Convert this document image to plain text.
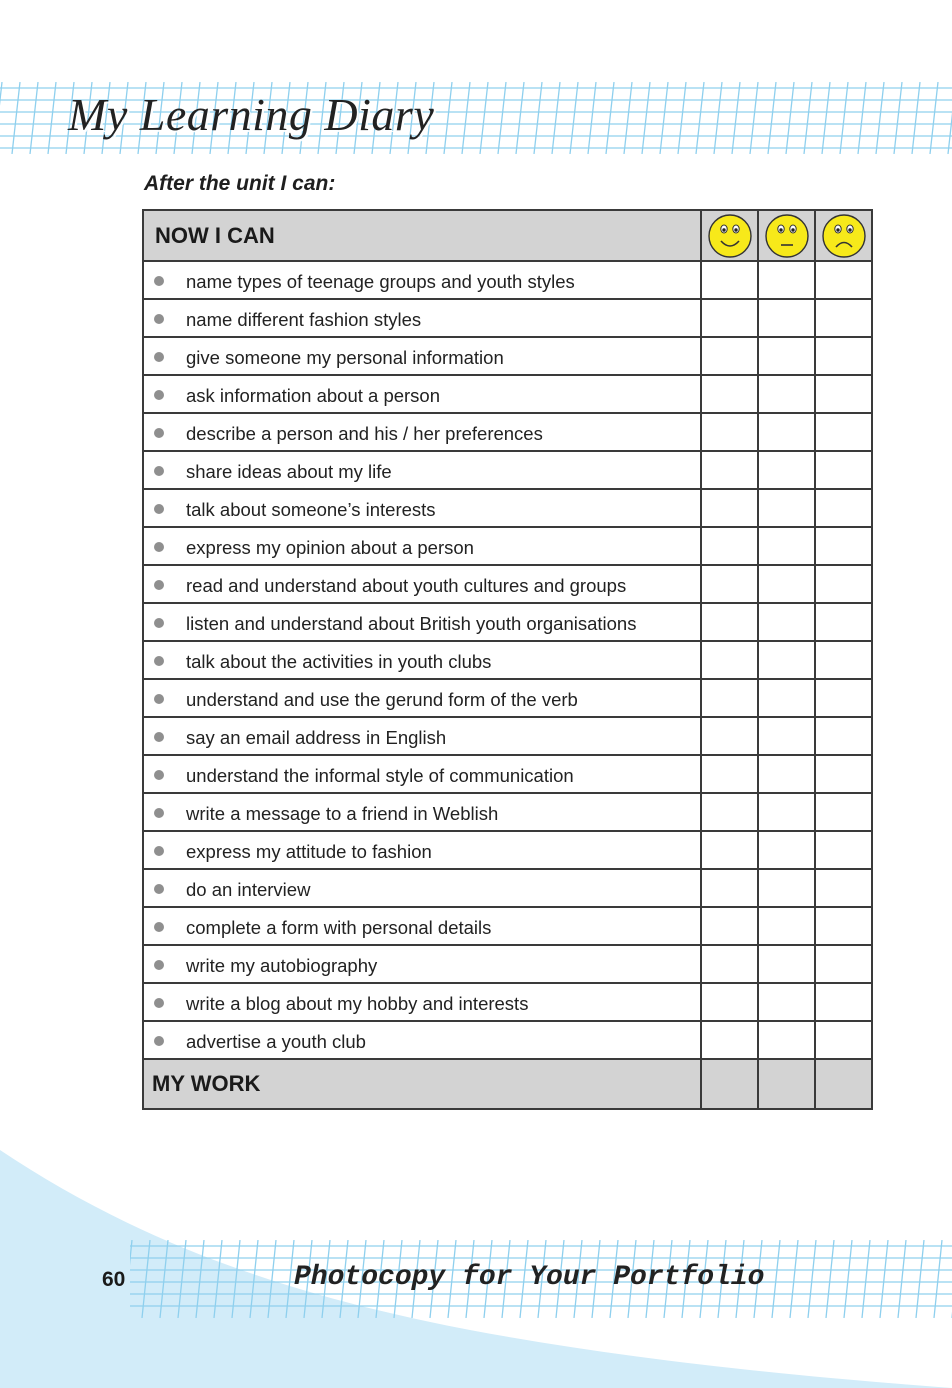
My Learning Diary
After the unit I can:
NOW I CAN	

name types of teenage groups and youth styles			

name different fashion styles			

give someone my personal information			

ask information about a person			

describe a person and his / her preferences			

share ideas about my life			

talk about someone’s interests			

express my opinion about a person			

read and understand about youth cultures and groups			

listen and understand about British youth organisations			

talk about the activities in youth clubs			

understand and use the gerund form of the verb			

say an email address in English			

understand the informal style of communication			

write a message to a friend in Weblish			

express my attitude to fashion			

do an interview			

complete a form with personal details			

write my autobiography			

write a blog about my hobby and interests			

advertise a youth club			

MY WORK			
60	Photocopy for Your Portfolio
